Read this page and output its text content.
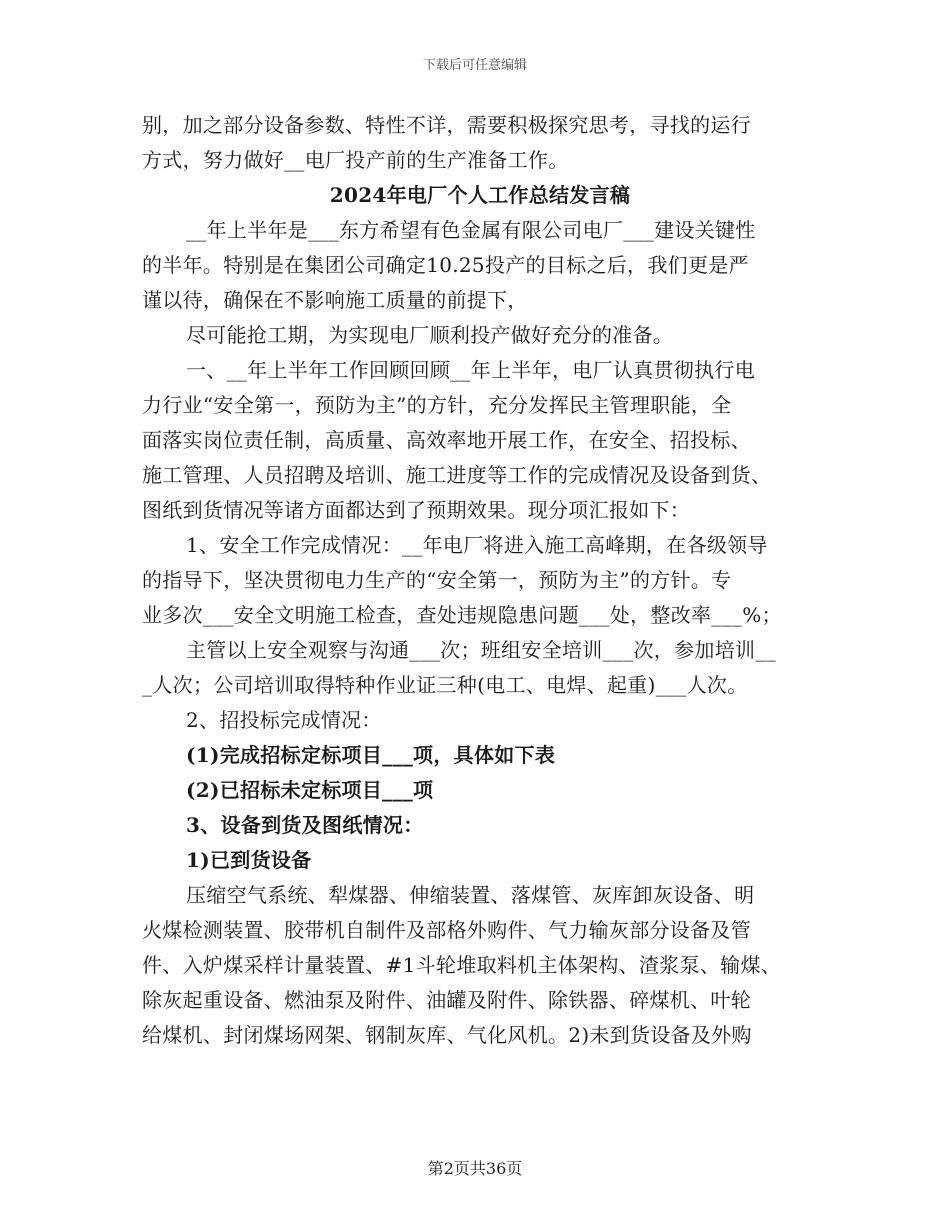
下载后可任意编辑
别，加之部分设备参数、特性不详，需要积极探究思考，寻找的运行
方式，努力做好__电厂投产前的生产准备工作。
2024年电厂个人工作总结发言稿
__年上半年是___东方希望有色金属有限公司电厂___建设关键性
的半年。特别是在集团公司确定10.25投产的目标之后，我们更是严
谨以待，确保在不影响施工质量的前提下，
尽可能抢工期，为实现电厂顺利投产做好充分的准备。
一、__年上半年工作回顾回顾__年上半年，电厂认真贯彻执行电
力行业“安全第一，预防为主”的方针，充分发挥民主管理职能，全
面落实岗位责任制，高质量、高效率地开展工作，在安全、招投标、
施工管理、人员招聘及培训、施工进度等工作的完成情况及设备到货、
图纸到货情况等诸方面都达到了预期效果。现分项汇报如下：
1、安全工作完成情况：__年电厂将进入施工高峰期，在各级领导
的指导下，坚决贯彻电力生产的“安全第一，预防为主”的方针。专
业多次___安全文明施工检查，查处违规隐患问题___处，整改率___%；
主管以上安全观察与沟通___次；班组安全培训___次，参加培训__
_人次；公司培训取得特种作业证三种(电工、电焊、起重)___人次。
2、招投标完成情况：
(1)完成招标定标项目___项，具体如下表
(2)已招标未定标项目___项
3、设备到货及图纸情况：
1)已到货设备
压缩空气系统、犁煤器、伸缩装置、落煤管、灰库卸灰设备、明
火煤检测装置、胶带机自制件及部格外购件、气力输灰部分设备及管
件、入炉煤采样计量装置、#1斗轮堆取料机主体架构、渣浆泵、输煤、
除灰起重设备、燃油泵及附件、油罐及附件、除铁器、碎煤机、叶轮
给煤机、封闭煤场网架、钢制灰库、气化风机。2)未到货设备及外购
第2页共36页
